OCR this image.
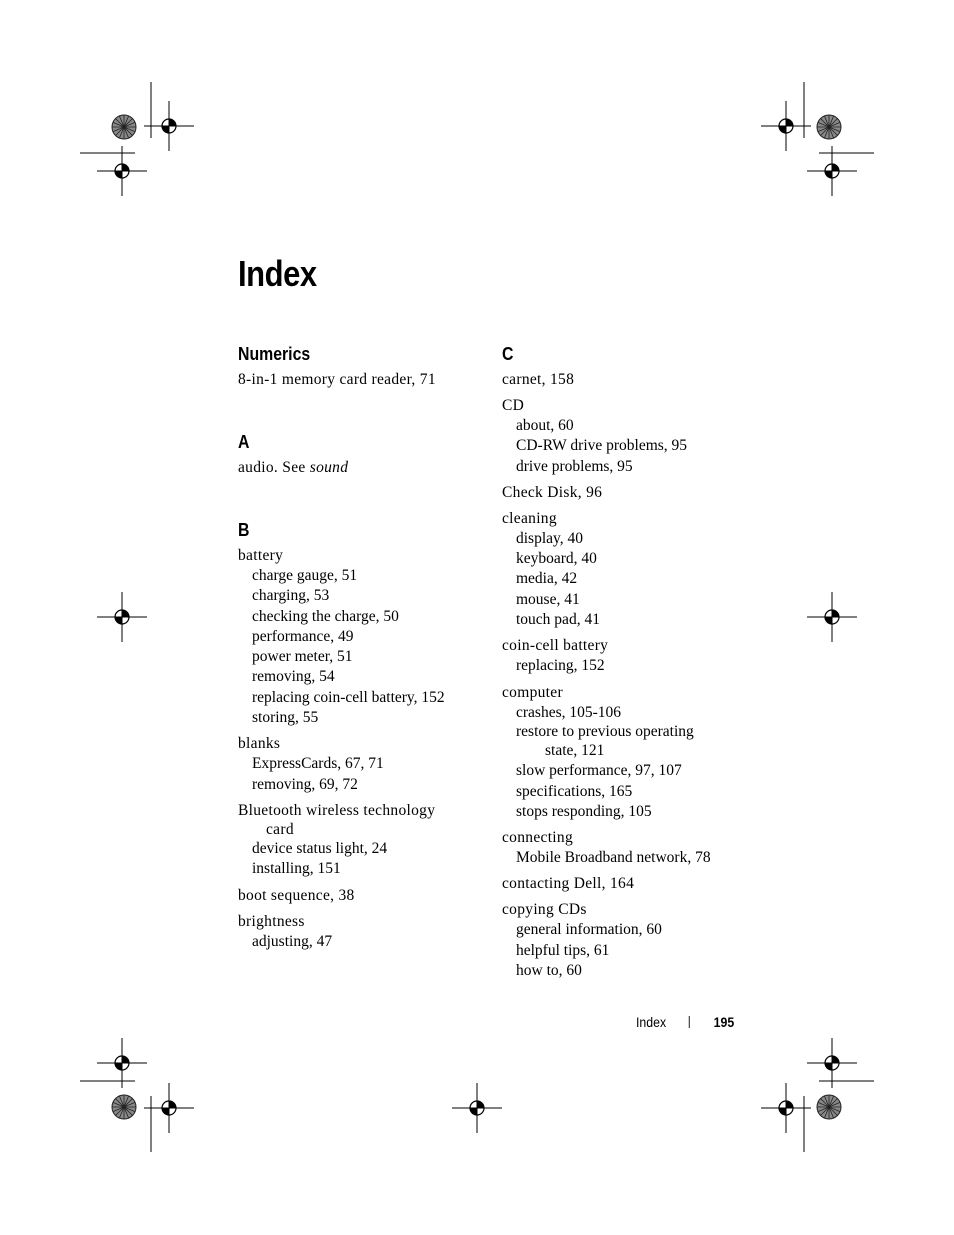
Index
Numerics
8-in-1 memory card reader, 71
A
audio. See sound
B
battery
charge gauge, 51
charging, 53
checking the charge, 50
performance, 49
power meter, 51
removing, 54
replacing coin-cell battery, 152
storing, 55
blanks
ExpressCards, 67, 71
removing, 69, 72
Bluetooth wireless technology
card
device status light, 24
installing, 151
boot sequence, 38
brightness
adjusting, 47
C
carnet, 158
CD
about, 60
CD-RW drive problems, 95
drive problems, 95
Check Disk, 96
cleaning
display, 40
keyboard, 40
media, 42
mouse, 41
touch pad, 41
coin-cell battery
replacing, 152
computer
crashes, 105-106
restore to previous operating
state, 121
slow performance, 97, 107
specifications, 165
stops responding, 105
connecting
Mobile Broadband network, 78
contacting Dell, 164
copying CDs
general information, 60
helpful tips, 61
how to, 60
Index	195
